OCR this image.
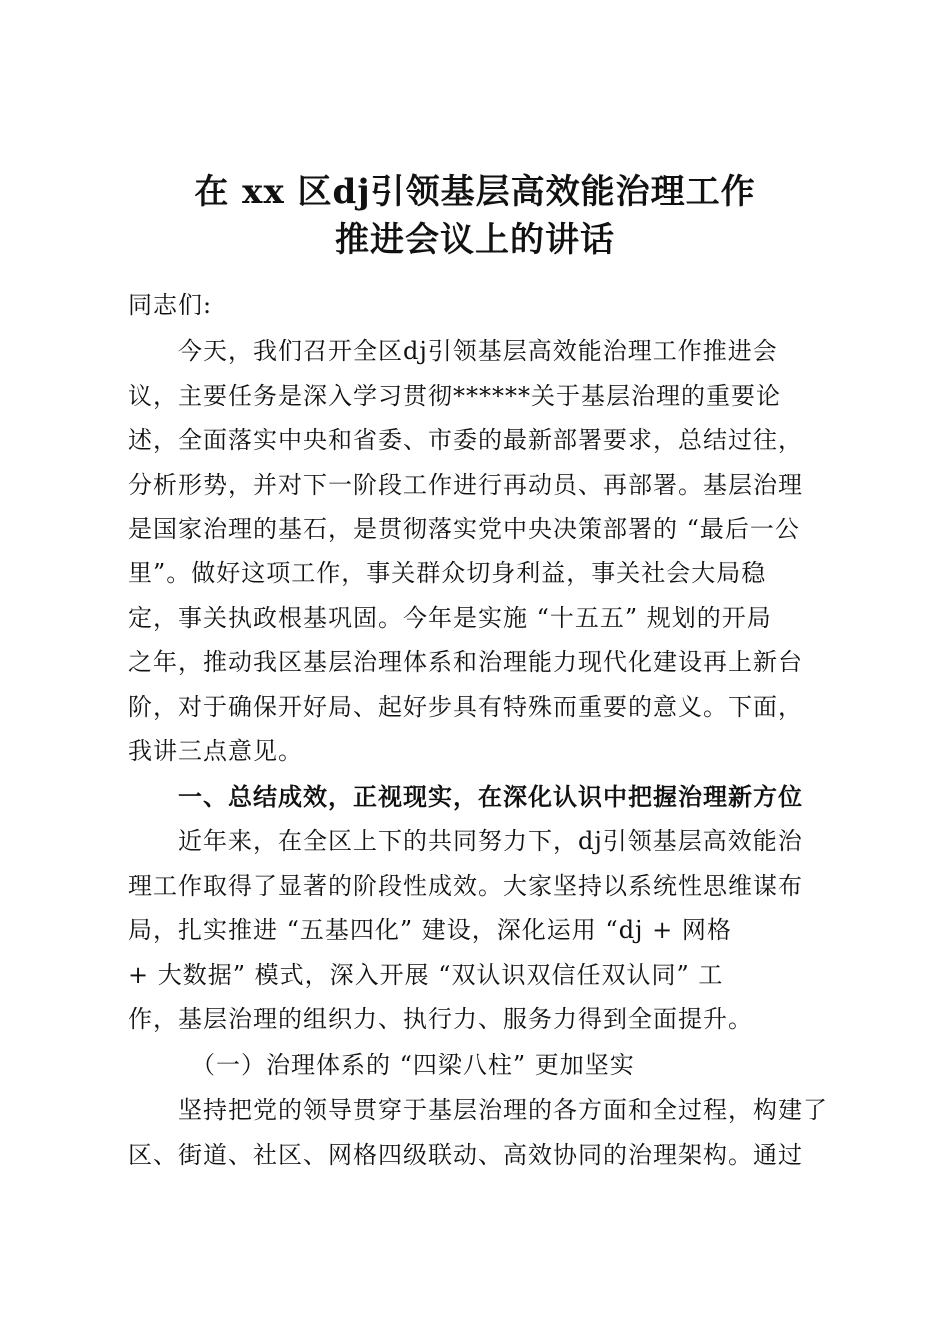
在 xx 区dj引领基层高效能治理工作
推进会议上的讲话
同志们:
　　今天，我们召开全区dj引领基层高效能治理工作推进会
议，主要任务是深入学习贯彻******关于基层治理的重要论
述，全面落实中央和省委、市委的最新部署要求，总结过往，
分析形势，并对下一阶段工作进行再动员、再部署。基层治理
是国家治理的基石，是贯彻落实党中央决策部署的 “最后一公
里”。做好这项工作，事关群众切身利益，事关社会大局稳
定，事关执政根基巩固。今年是实施 “十五五” 规划的开局
之年，推动我区基层治理体系和治理能力现代化建设再上新台
阶，对于确保开好局、起好步具有特殊而重要的意义。下面，
我讲三点意见。
　　一、总结成效，正视现实，在深化认识中把握治理新方位
　　近年来，在全区上下的共同努力下，dj引领基层高效能治
理工作取得了显著的阶段性成效。大家坚持以系统性思维谋布
局，扎实推进 “五基四化” 建设，深化运用 “dj + 网格
+ 大数据” 模式，深入开展 “双认识双信任双认同” 工
作，基层治理的组织力、执行力、服务力得到全面提升。
　　　（一）治理体系的 “四梁八柱” 更加坚实
　　坚持把党的领导贯穿于基层治理的各方面和全过程，构建了
区、街道、社区、网格四级联动、高效协同的治理架构。通过
